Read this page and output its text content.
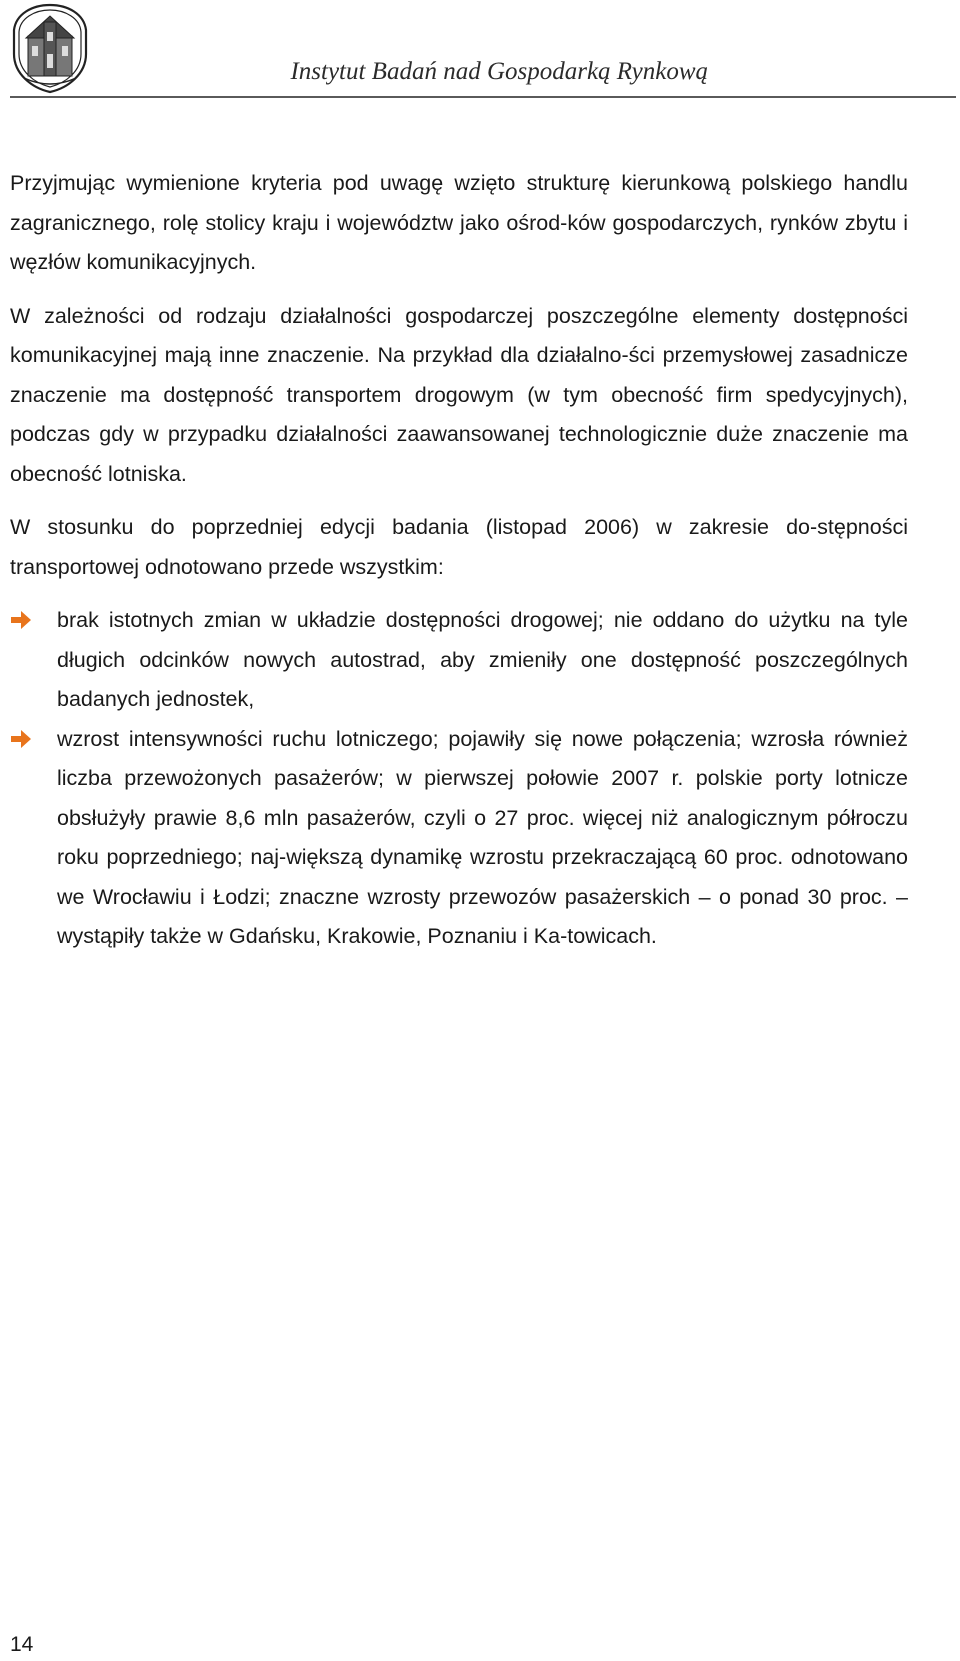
Instytut Badań nad Gospodarką Rynkową

Przyjmując wymienione kryteria pod uwagę wzięto strukturę kierunkową polskiego handlu zagranicznego, rolę stolicy kraju i województw jako ośrod-ków gospodarczych, rynków zbytu i węzłów komunikacyjnych.

W zależności od rodzaju działalności gospodarczej poszczególne elementy dostępności komunikacyjnej mają inne znaczenie. Na przykład dla działalno-ści przemysłowej zasadnicze znaczenie ma dostępność transportem drogowym (w tym obecność firm spedycyjnych), podczas gdy w przypadku działalności zaawansowanej technologicznie duże znaczenie ma obecność lotniska.

W stosunku do poprzedniej edycji badania (listopad 2006) w zakresie do-stępności transportowej odnotowano przede wszystkim:

brak istotnych zmian w układzie dostępności drogowej; nie oddano do użytku na tyle długich odcinków nowych autostrad, aby zmieniły one dostępność poszczególnych badanych jednostek,
wzrost intensywności ruchu lotniczego; pojawiły się nowe połączenia; wzrosła również liczba przewożonych pasażerów; w pierwszej połowie 2007 r. polskie porty lotnicze obsłużyły prawie 8,6 mln pasażerów, czyli o 27 proc. więcej niż analogicznym półroczu roku poprzedniego; naj-większą dynamikę wzrostu przekraczającą 60 proc. odnotowano we Wrocławiu i Łodzi; znaczne wzrosty przewozów pasażerskich – o ponad 30 proc. – wystąpiły także w Gdańsku, Krakowie, Poznaniu i Ka-towicach.
14
